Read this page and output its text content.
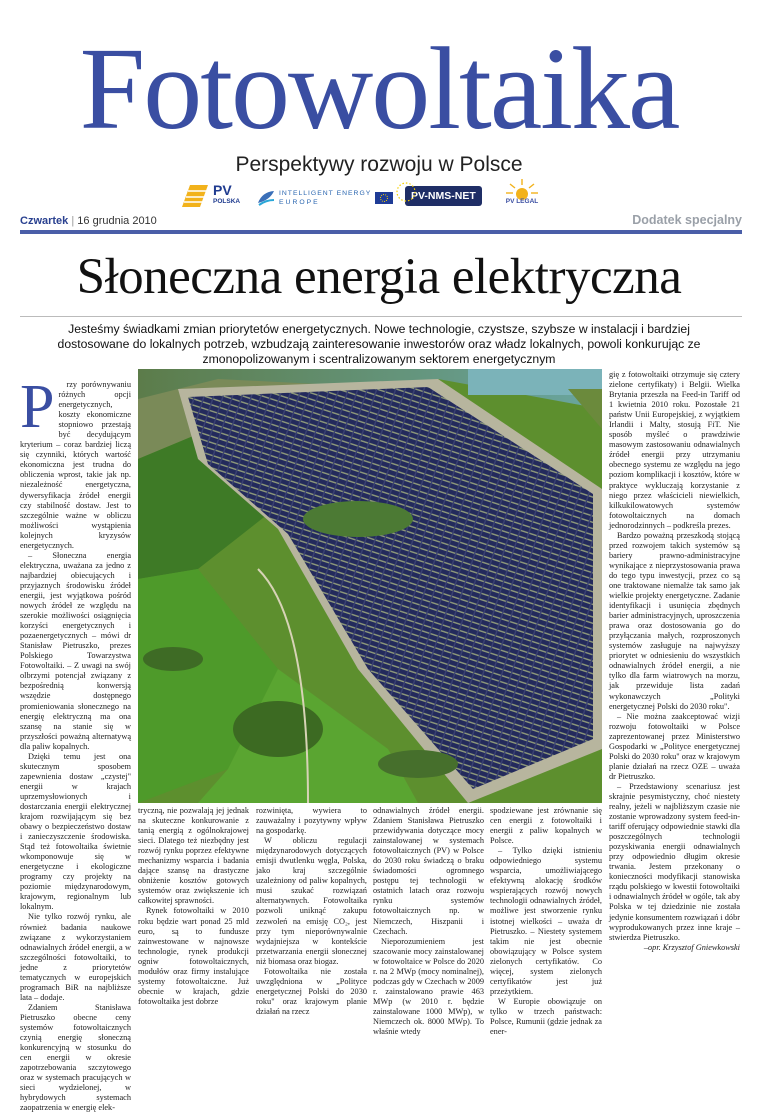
Fotowoltaika
Perspektywy rozwoju w Polsce
PV
POLSKA
INTELLIGENT ENERGY
EUROPE
PV-NMS-NET	PV LEGAL
Czwartek | 16 grudnia 2010	Dodatek specjalny
Słoneczna energia elektryczna
Jesteśmy świadkami zmian priorytetów energetycznych. Nowe technologie, czystsze, szybsze w instalacji i bardziej dostosowane do lokalnych potrzeb, wzbudzają zainteresowanie inwestorów oraz władz lokalnych, powoli konkurując ze zmonopolizowanym i scentralizowanym sektorem energetycznym
P	rzy porównywaniu różnych opcji energetycznych, koszty ekonomiczne stopniowo przestają być decydującym kryterium – coraz bardziej liczą się czynniki, których wartość ekonomiczna jest trudna do obliczenia wprost, takie jak np. niezależność energetyczna, dywersyfikacja źródeł energii czy stabilność dostaw. Jest to szczególnie ważne w obliczu możliwości wystąpienia kolejnych kryzysów energetycznych.

– Słoneczna energia elektryczna, uważana za jedno z najbardziej obiecujących i przyjaznych środowisku źródeł energii, jest wyjątkowa pośród nowych źródeł ze względu na szerokie możliwości osiągnięcia korzyści energetycznych i pozaenergetycznych – mówi dr Stanisław Pietruszko, prezes Polskiego Towarzystwa Fotowoltaiki. – Z uwagi na swój olbrzymi potencjał związany z bezpośrednią konwersją wszędzie dostępnego promieniowania słonecznego na energię elektryczną ma ona szansę na stanie się w przyszłości poważną alternatywą dla paliw kopalnych.

Dzięki temu jest ona skutecznym sposobem zapewnienia dostaw „czystej" energii w krajach uprzemysłowionych i dostarczania energii elektrycznej krajom rozwijającym się bez obawy o bezpieczeństwo dostaw i zanieczyszczenie środowiska. Stąd też fotowoltaika świetnie wkomponowuje się w energetyczne i ekologiczne programy czy projekty na poziomie międzynarodowym, krajowym, regionalnym lub lokalnym.

Nie tylko rozwój rynku, ale również badania naukowe związane z wykorzystaniem odnawialnych źródeł energii, a w szczególności fotowoltaiki, to jedne z priorytetów tematycznych w europejskich programach BiR na najbliższe lata – dodaje.

Zdaniem Stanisława Pietruszko obecne ceny systemów fotowoltaicznych czynią energię słoneczną konkurencyjną w stosunku do cen energii w okresie zapotrzebowania szczytowego oraz w systemach pracujących w sieci wydzielonej, w hybrydowych systemach zaopatrzenia w energię elek-

gię z fotowoltaiki otrzymuje się cztery zielone certyfikaty) i Belgii. Wielka Brytania przeszła na Feed-in Tariff od 1 kwietnia 2010 roku. Pozostałe 21 państw Unii Europejskiej, z wyjątkiem Irlandii i Malty, stosują FiT. Nie sposób myśleć o prawdziwie masowym zastosowaniu odnawialnych źródeł energii przy utrzymaniu obecnego systemu ze względu na jego poziom komplikacji i kosztów, które w praktyce wykluczają korzystanie z niego przez właścicieli niewielkich, kilkukilowatowych systemów fotowoltaicznych na domach jednorodzinnych – podkreśla prezes.

Bardzo poważną przeszkodą stojącą przed rozwojem takich systemów są bariery prawno-administracyjne wynikające z nieprzystosowania prawa do tego typu inwestycji, przez co są one traktowane niemalże tak samo jak wielkie projekty energetyczne. Zadanie identyfikacji i usunięcia zbędnych barier administracyjnych, uproszczenia prawa oraz dostosowania go do przyłączania małych, rozproszonych systemów zasługuje na najwyższy priorytet w odniesieniu do wszystkich odnawialnych źródeł energii, a nie tylko dla farm wiatrowych na morzu, jak przewiduje lista zadań wykonawczych „Polityki energetycznej Polski do 2030 roku".

– Nie można zaakceptować wizji rozwoju fotowoltaiki w Polsce zaprezentowanej przez Ministerstwo Gospodarki w „Polityce energetycznej Polski do 2030 roku" oraz w krajowym planie działań na rzecz OZE – uważa dr Pietruszko.

– Przedstawiony scenariusz jest skrajnie pesymistyczny, choć niestety realny, jeżeli w najbliższym czasie nie zostanie wprowadzony system feed-in-tariff oferujący odpowiednie stawki dla poszczególnych technologii pozyskiwania energii odnawialnych przy odpowiednio długim okresie trwania. Jestem przekonany o konieczności modyfikacji stanowiska rządu polskiego w kwestii fotowoltaiki i odnawialnych źródeł w ogóle, tak aby Polska w tej dziedzinie nie została jedynie konsumentem rozwiązań i dóbr wyprodukowanych przez inne kraje – stwierdza Pietruszko.

–opr. Krzysztof Gniewkowski

tryczną, nie pozwalają jej jednak na skuteczne konkurowanie z tanią energią z ogólnokrajowej sieci. Dlatego też niezbędny jest rozwój rynku poprzez efektywne mechanizmy wsparcia i badania dające szansę na drastyczne obniżenie kosztów gotowych systemów oraz zwiększenie ich całkowitej sprawności.

Rynek fotowoltaiki w 2010 roku będzie wart ponad 25 mld euro, są to fundusze zainwestowane w najnowsze technologie, rynek produkcji ogniw fotowoltaicznych, modułów oraz firmy instalujące systemy fotowoltaiczne. Już obecnie w krajach, gdzie fotowoltaika jest dobrze

rozwinięta, wywiera to zauważalny i pozytywny wpływ na gospodarkę.

W obliczu regulacji międzynarodowych dotyczących emisji dwutlenku węgla, Polska, jako kraj szczególnie uzależniony od paliw kopalnych, musi szukać rozwiązań alternatywnych. Fotowoltaika pozwoli uniknąć zakupu zezwoleń na emisję CO₂, jest przy tym nieporównywalnie wydajniejsza w kontekście przetwarzania energii słonecznej niż biomasa oraz biogaz.

Fotowoltaika nie została uwzględniona w „Polityce energetycznej Polski do 2030 roku" oraz krajowym planie działań na rzecz

odnawialnych źródeł energii. Zdaniem Stanisława Pietruszko przewidywania dotyczące mocy zainstalowanej w systemach fotowoltaicznych (PV) w Polsce do 2030 roku świadczą o braku świadomości ogromnego postępu tej technologii w ostatnich latach oraz rozwoju rynku systemów fotowoltaicznych np. w Niemczech, Hiszpanii i Czechach.

Nieporozumieniem jest szacowanie mocy zainstalowanej w fotowoltaice w Polsce do 2020 r. na 2 MWp (mocy nominalnej), podczas gdy w Czechach w 2009 r. zainstalowano prawie 463 MWp (w 2010 r. będzie zainstalowane 1000 MWp), w Niemczech ok. 8000 MWp). To właśnie wtedy

spodziewane jest zrównanie się cen energii z fotowoltaiki i energii z paliw kopalnych w Polsce.

– Tylko dzięki istnieniu odpowiedniego systemu wsparcia, umożliwiającego efektywną alokację środków wspierających rozwój nowych technologii odnawialnych źródeł, możliwe jest stworzenie rynku istotnej wielkości – uważa dr Pietruszko. – Niestety systemem takim nie jest obecnie obowiązujący w Polsce system zielonych certyfikatów. Co więcej, system zielonych certyfikatów jest już przeżytkiem.

W Europie obowiązuje on tylko w trzech państwach: Polsce, Rumunii (gdzie jednak za ener-
